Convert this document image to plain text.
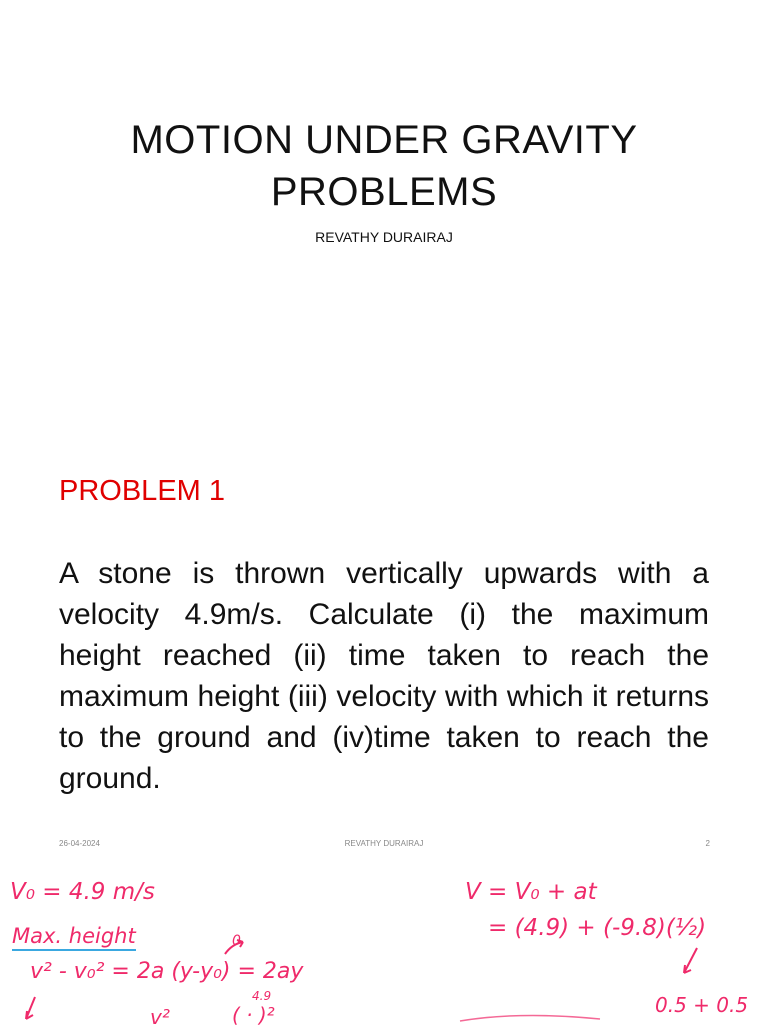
MOTION UNDER GRAVITY
PROBLEMS
REVATHY DURAIRAJ
PROBLEM 1
A stone is thrown vertically upwards with a velocity 4.9m/s. Calculate (i) the maximum height reached (ii) time taken to reach the maximum height (iii) velocity with which it returns to the ground and (iv)time taken to reach the ground.
26-04-2024	REVATHY DURAIRAJ	2
V₀ = 4.9 m/s
Max. height	0
v² - v₀² = 2a (y-y₀) = 2ay
4.9
v²	( · )²
V = V₀ + at
= (4.9) + (-9.8)(½)
0.5 + 0.5
